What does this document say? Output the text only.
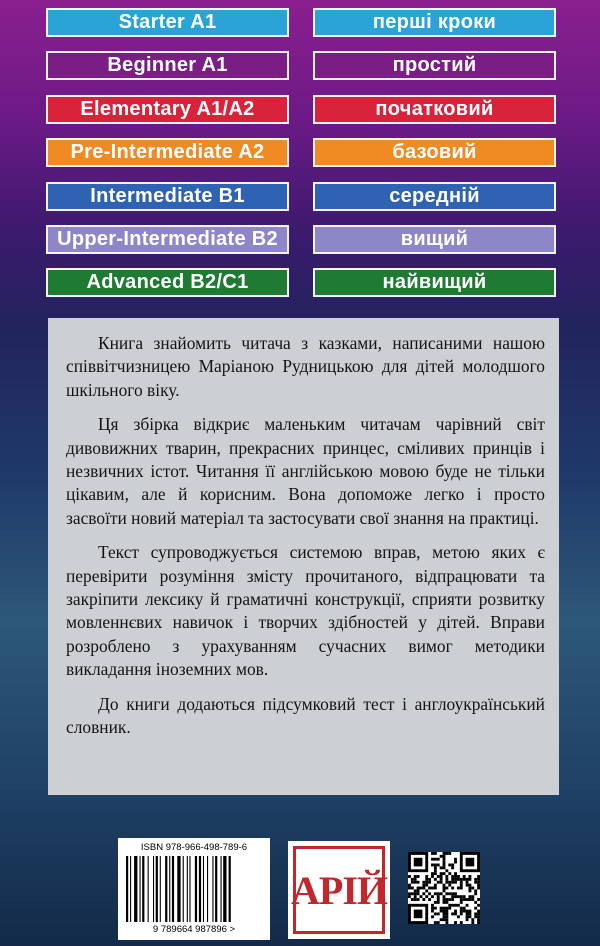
Starter A1	перші кроки
Beginner A1	простий
Elementary A1/A2	початковий
Pre-Intermediate A2	базовий
Intermediate B1	середній
Upper-Intermediate B2	вищий
Advanced B2/C1	найвищий

Книга знайомить читача з казками, написаними нашою співвітчизницею Маріаною Рудницькою для дітей молодшого шкільного віку.

Ця збірка відкриє маленьким читачам чарівний світ дивовижних тварин, прекрасних принцес, сміливих принців і незвичних істот. Читання її англійською мовою буде не тільки цікавим, але й корисним. Вона допоможе легко і просто засвоїти новий матеріал та застосувати свої знання на практиці.

Текст супроводжується системою вправ, метою яких є перевірити розуміння змісту прочитаного, відпрацювати та закріпити лексику й граматичні конструкції, сприяти розвитку мовленнєвих навичок і творчих здібностей у дітей. Вправи розроблено з урахуванням сучасних вимог методики викладання іноземних мов.

До книги додаються підсумковий тест і англоукраїнський словник.

ISBN 978-966-498-789-6
9 789664 987896 >
АРІЙ
